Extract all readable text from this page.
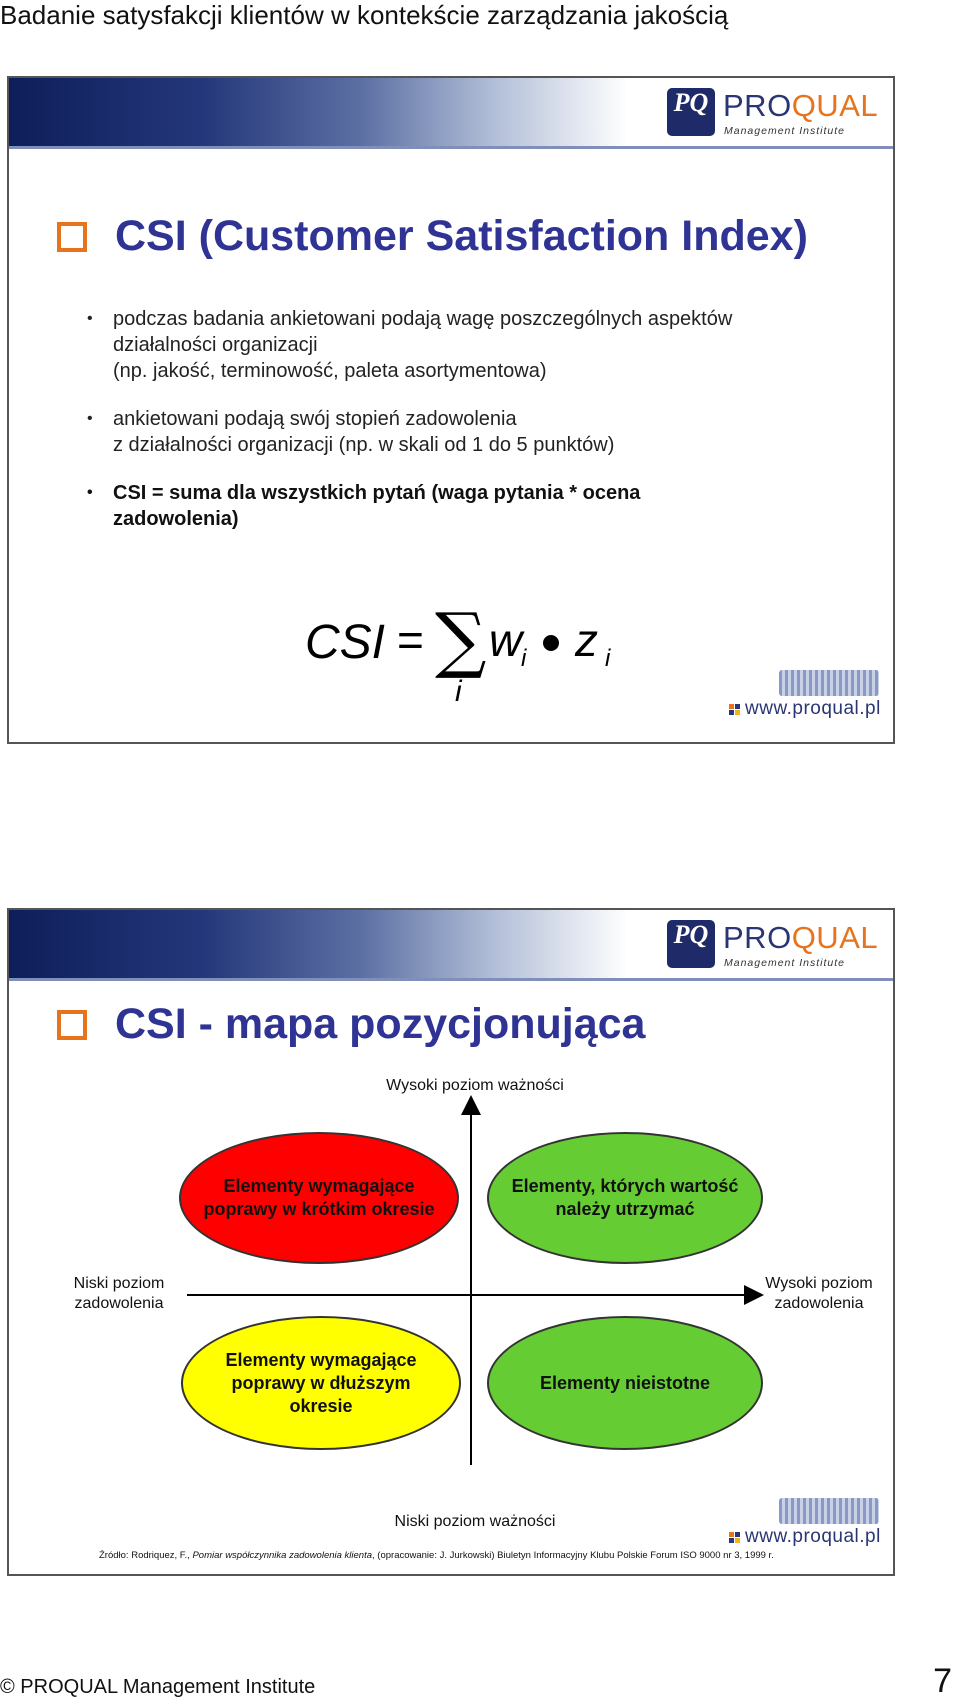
Badanie satysfakcji klientów w kontekście zarządzania jakością
PQ PROQUAL
Management Institute
CSI (Customer Satisfaction Index)
• podczas badania ankietowani podają wagę poszczególnych aspektów
działalności organizacji
(np. jakość, terminowość, paleta asortymentowa)
• ankietowani podają swój stopień zadowolenia
z działalności organizacji (np. w skali od 1 do 5 punktów)
• CSI = suma dla wszystkich pytań (waga pytania * ocena
zadowolenia)
CSI = ∑
i
w
i z i
www.proqual.pl
PQ PROQUAL
Management Institute
CSI - mapa pozycjonująca
Wysoki poziom ważności
Niski poziom ważności
Niski poziom zadowolenia
Wysoki poziom zadowolenia
Elementy wymagające poprawy w krótkim okresie
Elementy, których wartość należy utrzymać
Elementy wymagające poprawy w dłuższym okresie
Elementy nieistotne
Źródło: Rodriquez, F., Pomiar współczynnika zadowolenia klienta, (opracowanie: J. Jurkowski) Biuletyn Informacyjny Klubu Polskie Forum ISO 9000 nr 3, 1999 r.
www.proqual.pl
© PROQUAL Management Institute	7
